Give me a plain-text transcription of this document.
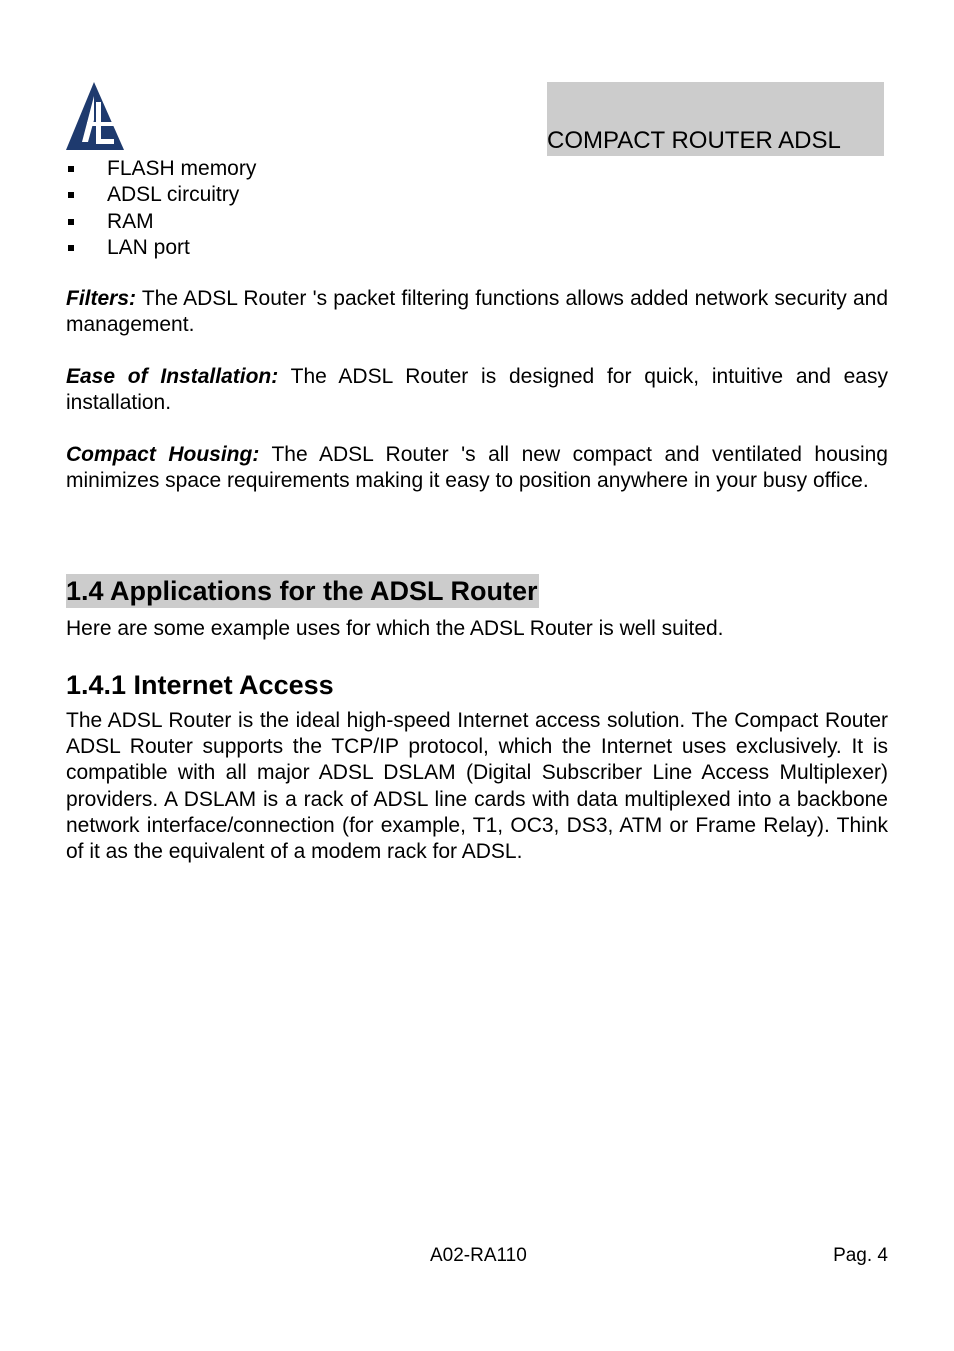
COMPACT ROUTER ADSL
FLASH memory
ADSL circuitry
RAM
LAN port

Filters: The ADSL Router 's packet filtering functions allows added network security and management.

Ease of Installation: The ADSL Router is designed for quick, intuitive and easy installation.

Compact Housing: The ADSL Router 's all new compact and ventilated housing minimizes space requirements making it easy to position anywhere in your busy office.

1.4 Applications for the ADSL Router

Here are some example uses for which the ADSL Router is well suited.

1.4.1 Internet Access

The ADSL Router is the ideal high-speed Internet access solution. The Compact Router ADSL Router supports the TCP/IP protocol, which the Internet uses exclusively. It is compatible with all major ADSL DSLAM (Digital Subscriber Line Access Multiplexer) providers. A DSLAM is a rack of ADSL line cards with data multiplexed into a backbone network interface/connection (for example, T1, OC3, DS3, ATM or Frame Relay). Think of it as the equivalent of a modem rack for ADSL.

A02-RA110	Pag. 4
